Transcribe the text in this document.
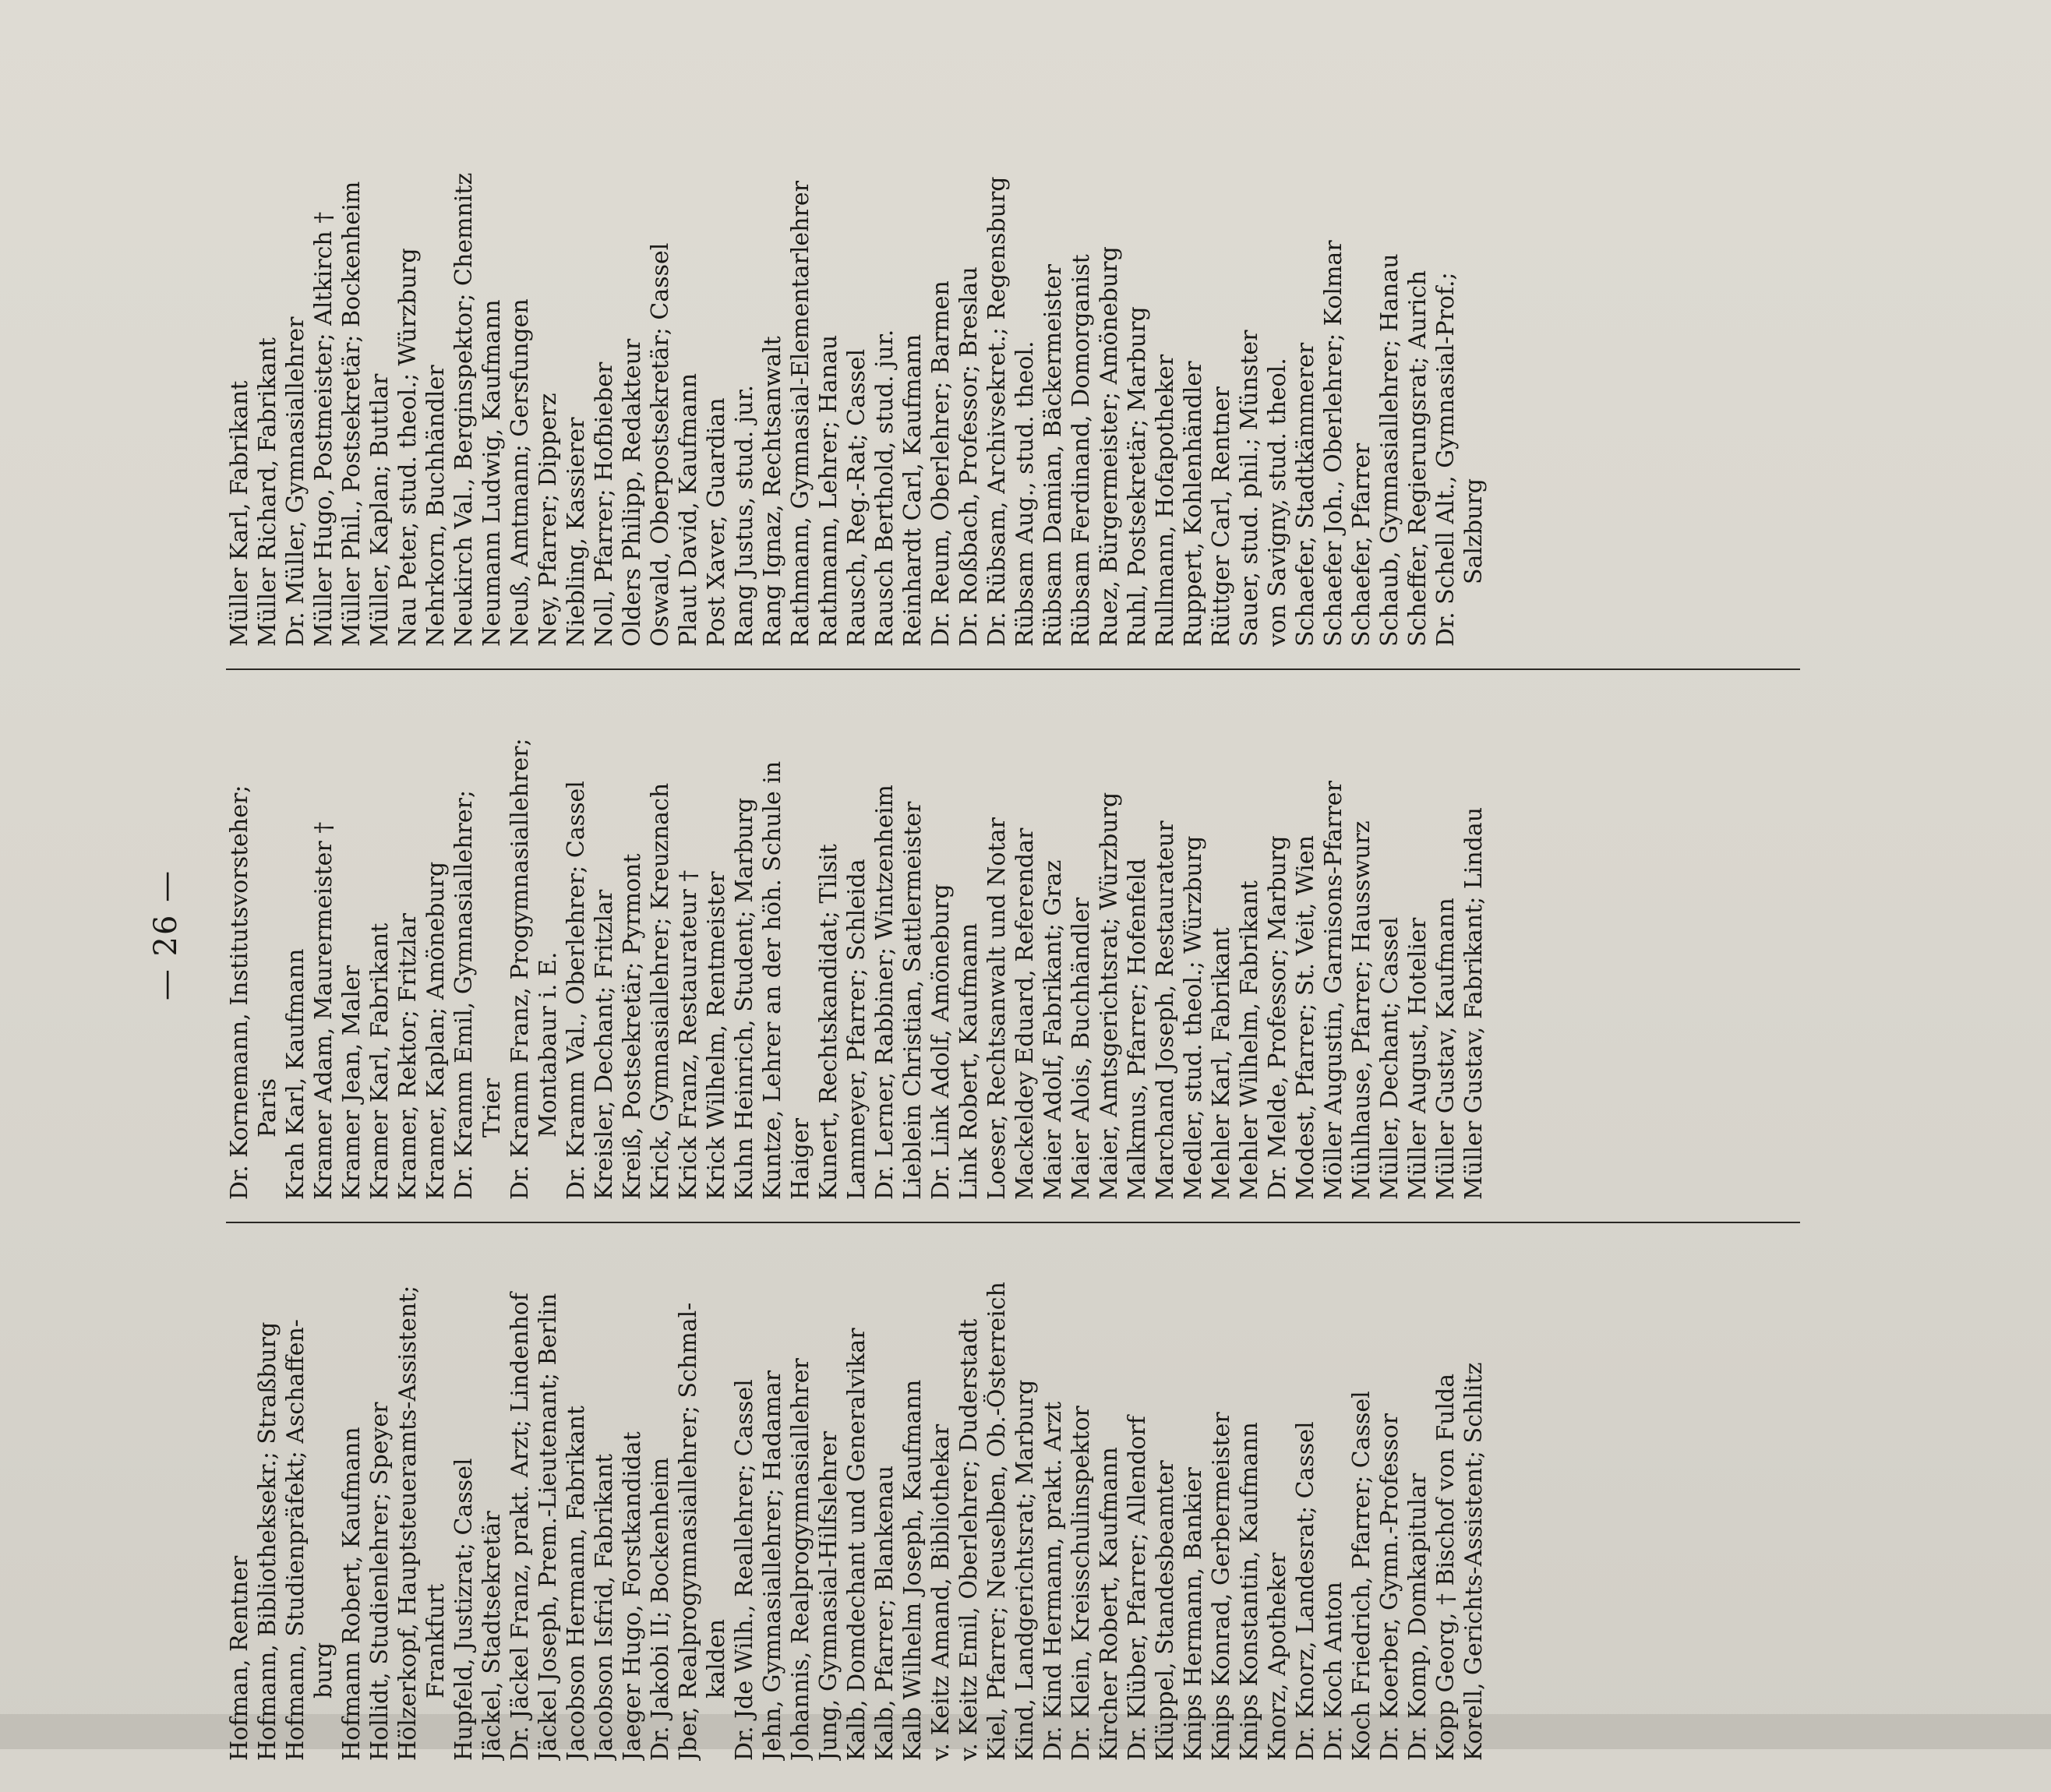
— 26 —
Hofman, Rentner Hofmann, Bibliotheksekr.; Straßburg Hofmann, Studienpräfekt; Aschaffen- burg Hofmann Robert, Kaufmann Hollidt, Studienlehrer; Speyer Hölzerkopf, Hauptsteueramts-Assistent; Frankfurt Hupfeld, Justizrat; Cassel Jäckel, Stadtsekretär Dr. Jäckel Franz, prakt. Arzt; Lindenhof Jäckel Joseph, Prem.-Lieutenant; Berlin Jacobson Hermann, Fabrikant Jacobson Isfrid, Fabrikant Jaeger Hugo, Forstkandidat Dr. Jakobi II; Bockenheim Jber, Realprogymnasiallehrer; Schmal- kalden Dr. Jde Wilh., Reallehrer; Cassel Jehn, Gymnasiallehrer; Hadamar Johannis, Realprogymnasiallehrer Jung, Gymnasial-Hilfslehrer Kalb, Domdechant und Generalvikar Kalb, Pfarrer; Blankenau Kalb Wilhelm Joseph, Kaufmann v. Keitz Amand, Bibliothekar v. Keitz Emil, Oberlehrer; Duderstadt Kiel, Pfarrer; Neuselben, Ob.-Österreich Kind, Landgerichtsrat; Marburg Dr. Kind Hermann, prakt. Arzt Dr. Klein, Kreisschulinspektor Kircher Robert, Kaufmann Dr. Klüber, Pfarrer; Allendorf Klüppel, Standesbeamter Knips Hermann, Bankier Knips Konrad, Gerbermeister Knips Konstantin, Kaufmann Knorz, Apotheker Dr. Knorz, Landesrat; Cassel Dr. Koch Anton Koch Friedrich, Pfarrer; Cassel Dr. Koerber, Gymn.-Professor Dr. Komp, Domkapitular Kopp Georg, † Bischof von Fulda Korell, Gerichts-Assistent; Schlitz
Dr. Kornemann, Institutsvorsteher; Paris Krah Karl, Kaufmann Kramer Adam, Maurermeister † Kramer Jean, Maler Kramer Karl, Fabrikant Kramer, Rektor; Fritzlar Kramer, Kaplan; Amöneburg Dr. Kramm Emil, Gymnasiallehrer; Trier Dr. Kramm Franz, Progymnasiallehrer; Montabaur i. E. Dr. Kramm Val., Oberlehrer; Cassel Kreisler, Dechant; Fritzlar Kreiß, Postsekretär; Pyrmont Krick, Gymnasiallehrer; Kreuznach Krick Franz, Restaurateur † Krick Wilhelm, Rentmeister Kuhn Heinrich, Student; Marburg Kuntze, Lehrer an der höh. Schule in Haiger Kunert, Rechtskandidat; Tilsit Lammeyer, Pfarrer; Schleida Dr. Lerner, Rabbiner; Wintzenheim Lieblein Christian, Sattlermeister Dr. Link Adolf, Amöneburg Link Robert, Kaufmann Loeser, Rechtsanwalt und Notar Mackeldey Eduard, Referendar Maier Adolf, Fabrikant; Graz Maier Alois, Buchhändler Maier, Amtsgerichtsrat; Würzburg Malkmus, Pfarrer; Hofenfeld Marchand Joseph, Restaurateur Medler, stud. theol.; Würzburg Mehler Karl, Fabrikant Mehler Wilhelm, Fabrikant Dr. Melde, Professor; Marburg Modest, Pfarrer; St. Veit, Wien Möller Augustin, Garnisons-Pfarrer Mühlhause, Pfarrer; Hausswurz Müller, Dechant; Cassel Müller August, Hotelier Müller Gustav, Kaufmann Müller Gustav, Fabrikant; Lindau
Müller Karl, Fabrikant Müller Richard, Fabrikant Dr. Müller, Gymnasiallehrer Müller Hugo, Postmeister; Altkirch † Müller Phil., Postsekretär; Bockenheim Müller, Kaplan; Buttlar Nau Peter, stud. theol.; Würzburg Nehrkorn, Buchhändler Neukirch Val., Berginspektor; Chemnitz Neumann Ludwig, Kaufmann Neuß, Amtmann; Gersfungen Ney, Pfarrer; Dipperz Niebling, Kassierer Noll, Pfarrer; Hofbieber Olders Philipp, Redakteur Oswald, Oberpostsekretär; Cassel Plaut David, Kaufmann Post Xaver, Guardian Rang Justus, stud. jur. Rang Ignaz, Rechtsanwalt Rathmann, Gymnasial-Elementarlehrer Rathmann, Lehrer; Hanau Rausch, Reg.-Rat; Cassel Rausch Berthold, stud. jur. Reinhardt Carl, Kaufmann Dr. Reum, Oberlehrer; Barmen Dr. Roßbach, Professor; Breslau Dr. Rübsam, Archivsekret.; Regensburg Rübsam Aug., stud. theol. Rübsam Damian, Bäckermeister Rübsam Ferdinand, Domorganist Ruez, Bürgermeister; Amöneburg Ruhl, Postsekretär; Marburg Rullmann, Hofapotheker Ruppert, Kohlenhändler Rüttger Carl, Rentner Sauer, stud. phil.; Münster von Savigny, stud. theol. Schaefer, Stadtkämmerer Schaefer Joh., Oberlehrer; Kolmar Schaefer, Pfarrer Schaub, Gymnasiallehrer; Hanau Scheffer, Regierungsrat; Aurich Dr. Schell Alt., Gymnasial-Prof.; Salzburg
